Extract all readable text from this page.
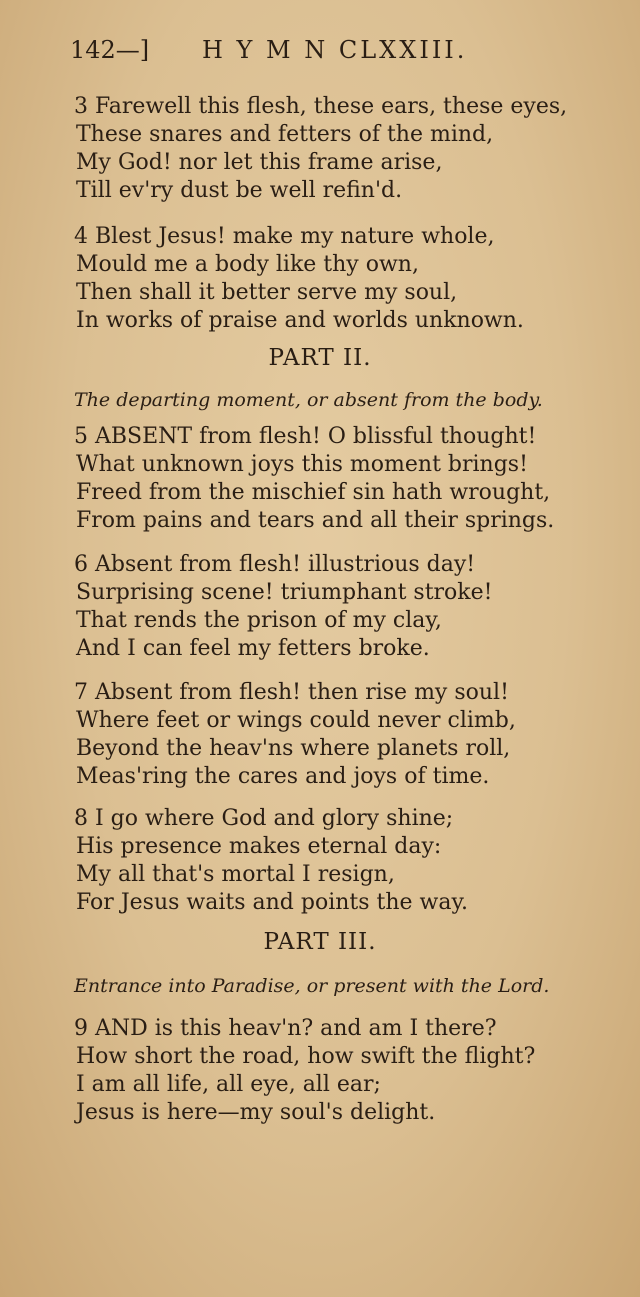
142—] H Y M N CLXXIII.
3 Farewell this flesh, these ears, these eyes,
These snares and fetters of the mind,
My God! nor let this frame arise,
Till ev'ry dust be well refin'd.
4 Blest Jesus! make my nature whole,
Mould me a body like thy own,
Then shall it better serve my soul,
In works of praise and worlds unknown.
PART II.
The departing moment, or absent from the body.
5 ABSENT from flesh! O blissful thought!
What unknown joys this moment brings!
Freed from the mischief sin hath wrought,
From pains and tears and all their springs.
6 Absent from flesh! illustrious day!
Surprising scene! triumphant stroke!
That rends the prison of my clay,
And I can feel my fetters broke.
7 Absent from flesh! then rise my soul!
Where feet or wings could never climb,
Beyond the heav'ns where planets roll,
Meas'ring the cares and joys of time.
8 I go where God and glory shine;
His presence makes eternal day:
My all that's mortal I resign,
For Jesus waits and points the way.
PART III.
Entrance into Paradise, or present with the Lord.
9 AND is this heav'n? and am I there?
How short the road, how swift the flight?
I am all life, all eye, all ear;
Jesus is here—my soul's delight.
